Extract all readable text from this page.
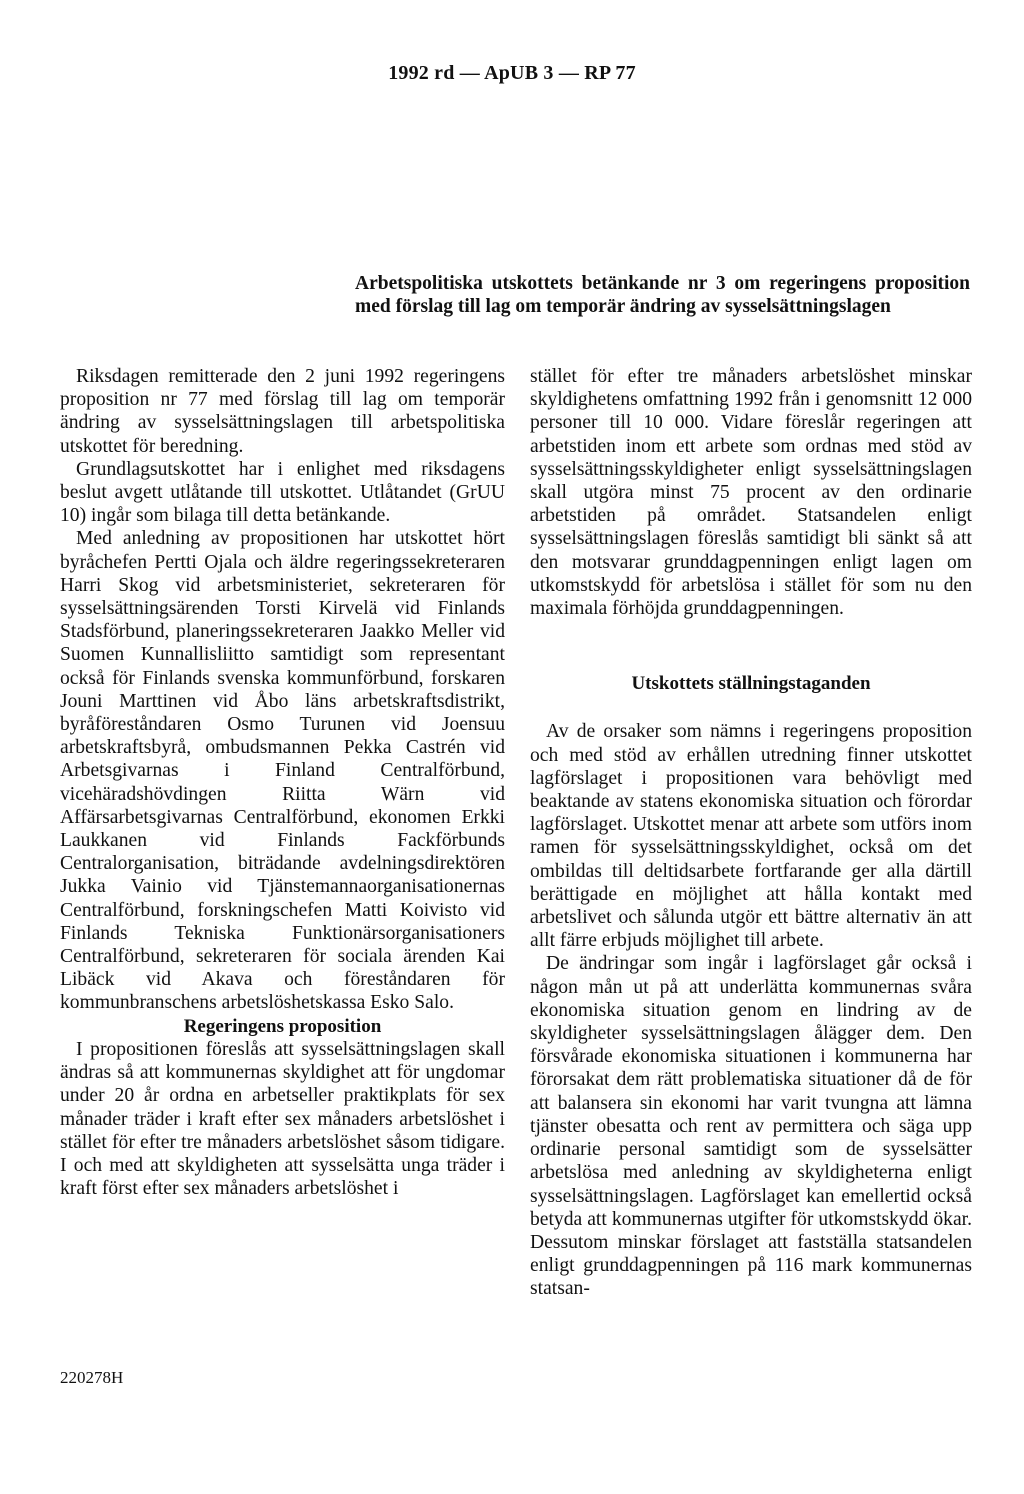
1992 rd — ApUB 3 — RP 77
Arbetspolitiska utskottets betänkande nr 3 om regeringens proposition med förslag till lag om temporär ändring av sysselsättningslagen

Riksdagen remitterade den 2 juni 1992 regeringens proposition nr 77 med förslag till lag om temporär ändring av sysselsättningslagen till arbetspolitiska utskottet för beredning.

Grundlagsutskottet har i enlighet med riksdagens beslut avgett utlåtande till utskottet. Utlåtandet (GrUU 10) ingår som bilaga till detta betänkande.

Med anledning av propositionen har utskottet hört byråchefen Pertti Ojala och äldre regeringssekreteraren Harri Skog vid arbetsministeriet, sekreteraren för sysselsättningsärenden Torsti Kirvelä vid Finlands Stadsförbund, planeringssekreteraren Jaakko Meller vid Suomen Kunnallisliitto samtidigt som representant också för Finlands svenska kommunförbund, forskaren Jouni Marttinen vid Åbo läns arbetskraftsdistrikt, byråföreståndaren Osmo Turunen vid Joensuu arbetskraftsbyrå, ombudsmannen Pekka Castrén vid Arbetsgivarnas i Finland Centralförbund, vicehäradshövdingen Riitta Wärn vid Affärsarbetsgivarnas Centralförbund, ekonomen Erkki Laukkanen vid Finlands Fackförbunds Centralorganisation, biträdande avdelningsdirektören Jukka Vainio vid Tjänstemannaorganisationernas Centralförbund, forskningschefen Matti Koivisto vid Finlands Tekniska Funktionärsorganisationers Centralförbund, sekreteraren för sociala ärenden Kai Libäck vid Akava och föreståndaren för kommunbranschens arbetslöshetskassa Esko Salo.

Regeringens proposition

I propositionen föreslås att sysselsättningslagen skall ändras så att kommunernas skyldighet att för ungdomar under 20 år ordna en arbetseller praktikplats för sex månader träder i kraft efter sex månaders arbetslöshet i stället för efter tre månaders arbetslöshet såsom tidigare. I och med att skyldigheten att sysselsätta unga träder i kraft först efter sex månaders arbetslöshet i

stället för efter tre månaders arbetslöshet minskar skyldighetens omfattning 1992 från i genomsnitt 12 000 personer till 10 000. Vidare föreslår regeringen att arbetstiden inom ett arbete som ordnas med stöd av sysselsättningsskyldigheter enligt sysselsättningslagen skall utgöra minst 75 procent av den ordinarie arbetstiden på området. Statsandelen enligt sysselsättningslagen föreslås samtidigt bli sänkt så att den motsvarar grunddagpenningen enligt lagen om utkomstskydd för arbetslösa i stället för som nu den maximala förhöjda grunddagpenningen.

Utskottets ställningstaganden

Av de orsaker som nämns i regeringens proposition och med stöd av erhållen utredning finner utskottet lagförslaget i propositionen vara behövligt med beaktande av statens ekonomiska situation och förordar lagförslaget. Utskottet menar att arbete som utförs inom ramen för sysselsättningsskyldighet, också om det ombildas till deltidsarbete fortfarande ger alla därtill berättigade en möjlighet att hålla kontakt med arbetslivet och sålunda utgör ett bättre alternativ än att allt färre erbjuds möjlighet till arbete.

De ändringar som ingår i lagförslaget går också i någon mån ut på att underlätta kommunernas svåra ekonomiska situation genom en lindring av de skyldigheter sysselsättningslagen ålägger dem. Den försvårade ekonomiska situationen i kommunerna har förorsakat dem rätt problematiska situationer då de för att balansera sin ekonomi har varit tvungna att lämna tjänster obesatta och rent av permittera och säga upp ordinarie personal samtidigt som de sysselsätter arbetslösa med anledning av skyldigheterna enligt sysselsättningslagen. Lagförslaget kan emellertid också betyda att kommunernas utgifter för utkomstskydd ökar. Dessutom minskar förslaget att fastställa statsandelen enligt grunddagpenningen på 116 mark kommunernas statsan-

220278H
